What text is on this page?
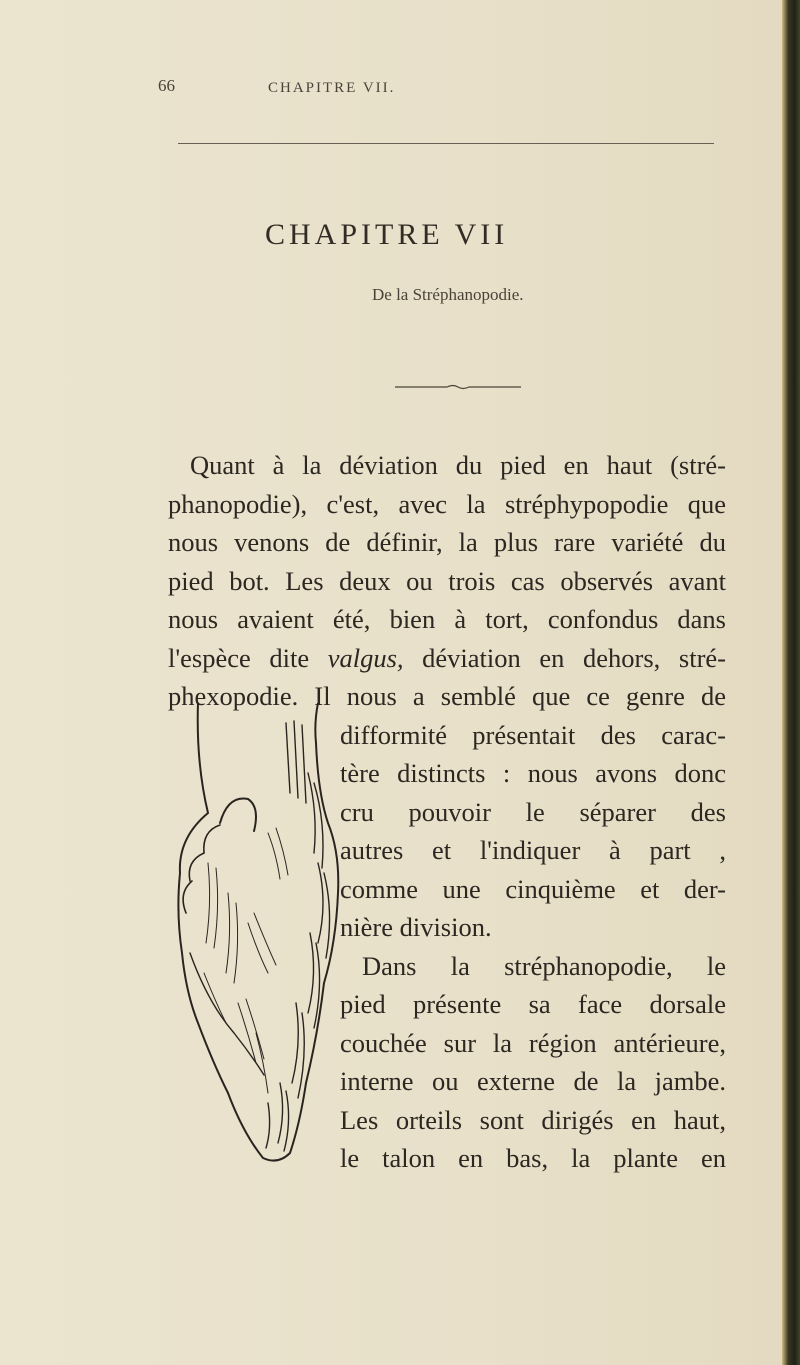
66	CHAPITRE VII.
CHAPITRE VII
De la Stréphanopodie.
Quant à la déviation du pied en haut (stré-
phanopodie), c'est, avec la stréphypopodie que
nous venons de définir, la plus rare variété du
pied bot. Les deux ou trois cas observés avant
nous avaient été, bien à tort, confondus dans
l'espèce dite valgus, déviation en dehors, stré-
phexopodie. Il nous a semblé que ce genre de
difformité présentait des carac-
tère distincts : nous avons donc
cru pouvoir le séparer des
autres et l'indiquer à part ,
comme une cinquième et der-
nière division.
Dans la stréphanopodie, le
pied présente sa face dorsale
couchée sur la région antérieure,
interne ou externe de la jambe.
Les orteils sont dirigés en haut,
le talon en bas, la plante en
